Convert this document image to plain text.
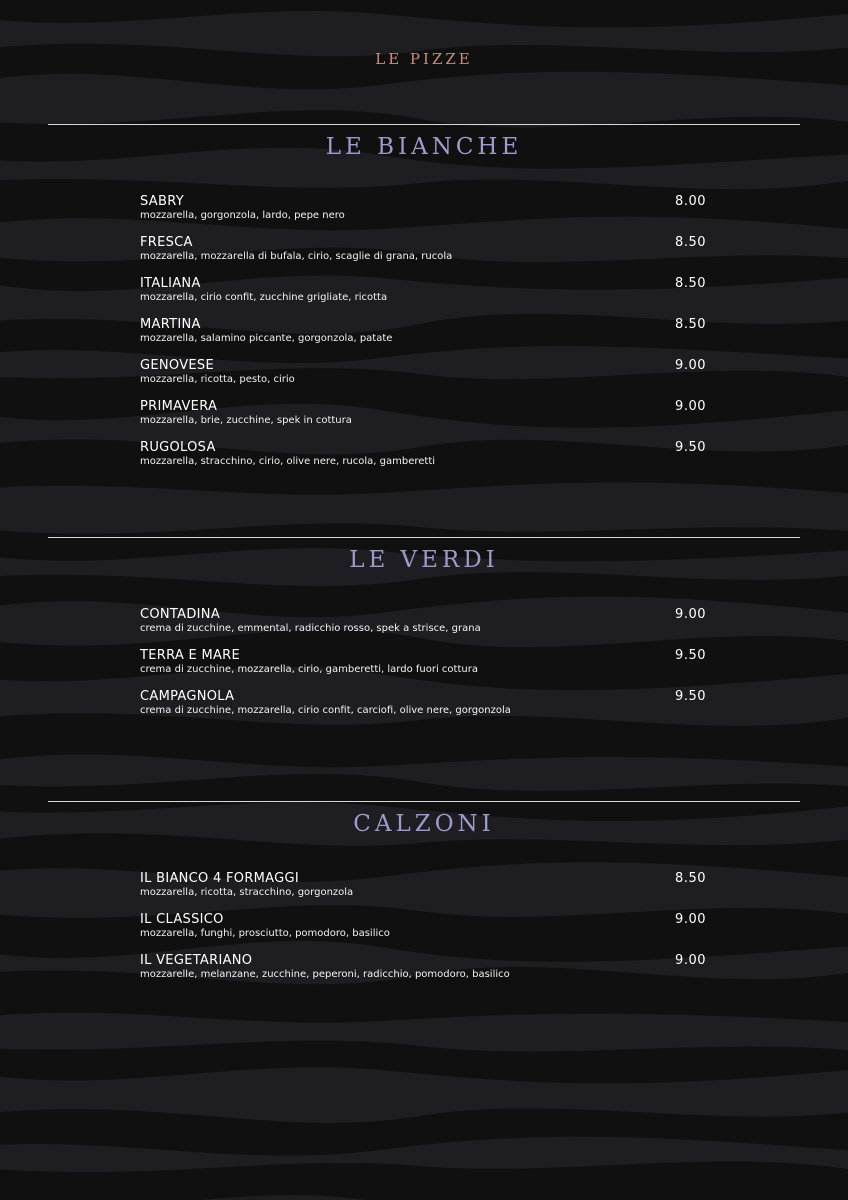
LE PIZZE
LE BIANCHE
SABRY
mozzarella, gorgonzola, lardo, pepe nero
8.00
FRESCA
mozzarella, mozzarella di bufala, cirio, scaglie di grana, rucola
8.50
ITALIANA
mozzarella, cirio confit, zucchine grigliate, ricotta
8.50
MARTINA
mozzarella, salamino piccante, gorgonzola, patate
8.50
GENOVESE
mozzarella, ricotta, pesto, cirio
9.00
PRIMAVERA
mozzarella, brie, zucchine, spek in cottura
9.00
RUGOLOSA
mozzarella, stracchino, cirio, olive nere, rucola, gamberetti
9.50
LE VERDI
CONTADINA
crema di zucchine, emmental, radicchio rosso, spek a strisce, grana
9.00
TERRA E MARE
crema di zucchine, mozzarella, cirio, gamberetti, lardo fuori cottura
9.50
CAMPAGNOLA
crema di zucchine, mozzarella, cirio confit, carciofi, olive nere, gorgonzola
9.50
CALZONI
IL BIANCO 4 FORMAGGI
mozzarella, ricotta, stracchino, gorgonzola
8.50
IL CLASSICO
mozzarella, funghi, prosciutto, pomodoro, basilico
9.00
IL VEGETARIANO
mozzarelle, melanzane, zucchine, peperoni, radicchio, pomodoro, basilico
9.00
